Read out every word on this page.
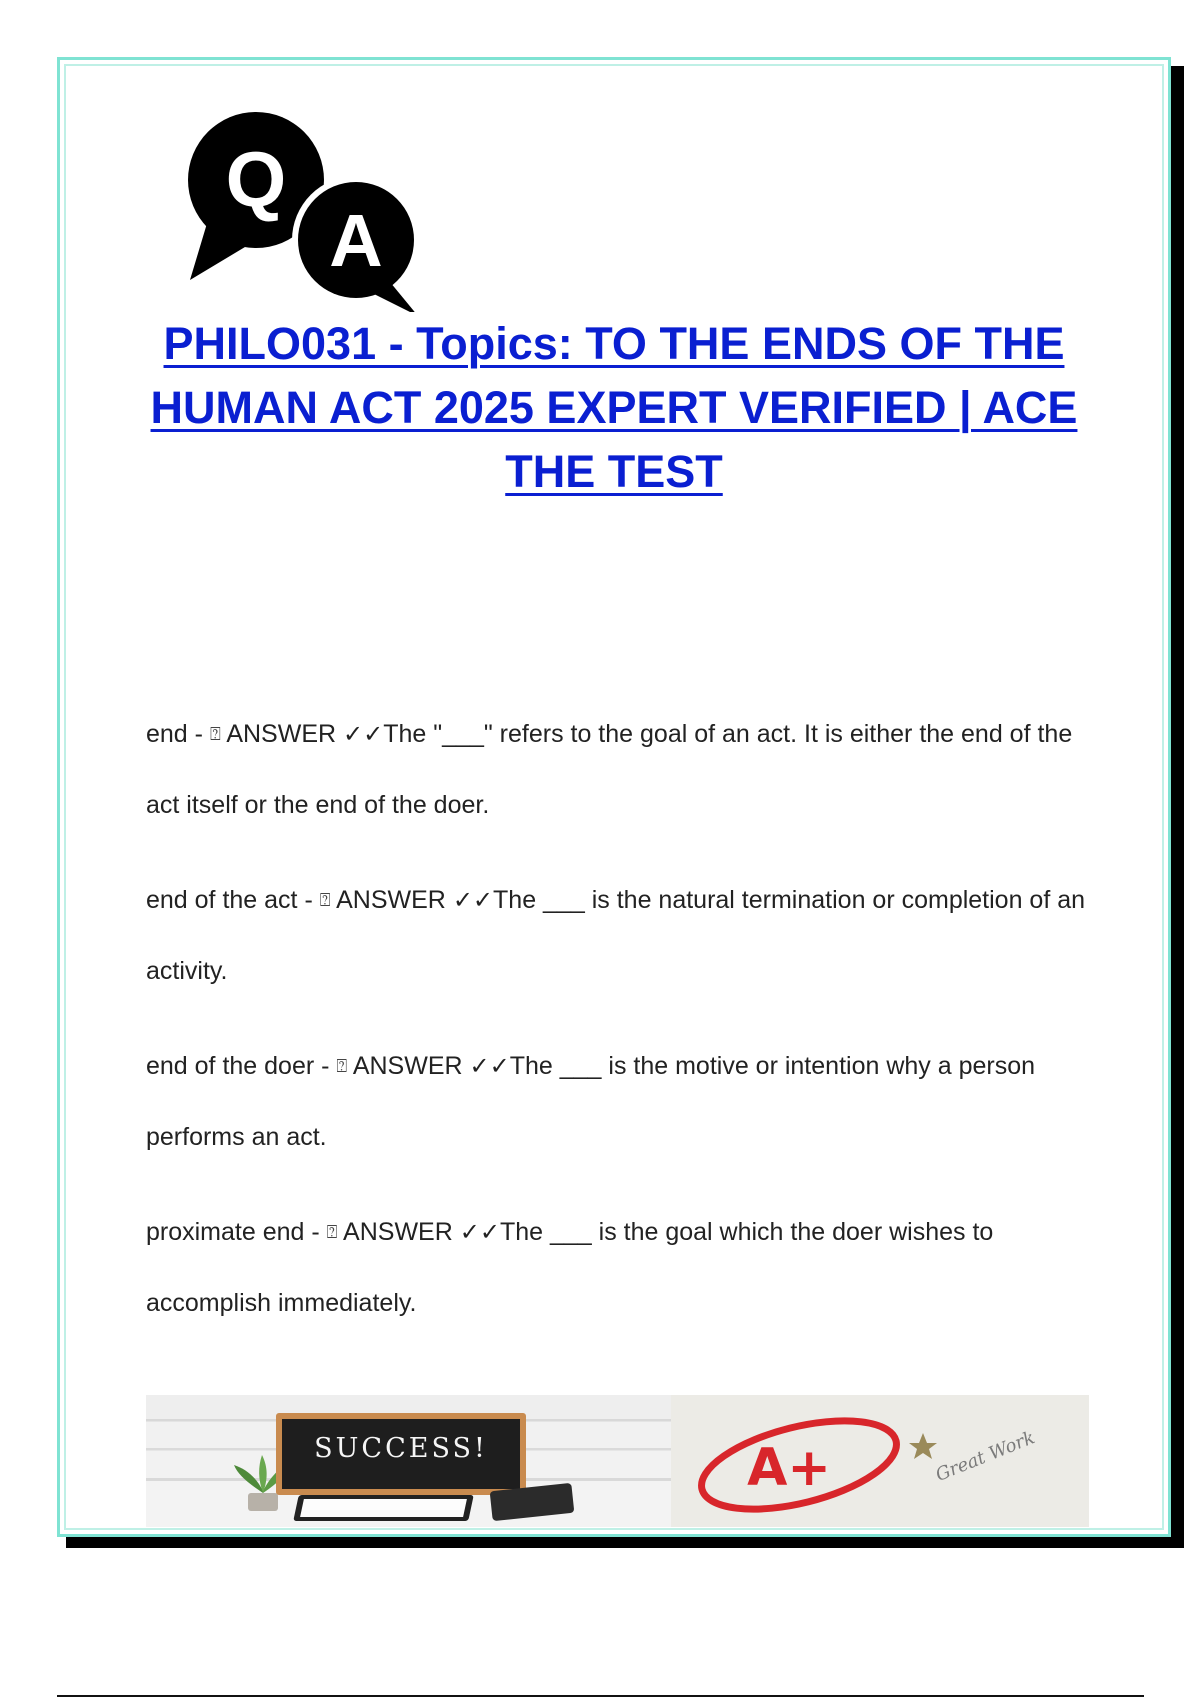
Q
A
PHILO031 - Topics: TO THE ENDS OF THE HUMAN ACT 2025 EXPERT VERIFIED | ACE THE TEST

end - ⍰ ANSWER ✓✓The "___" refers to the goal of an act. It is either the end of the act itself or the end of the doer.

end of the act - ⍰ ANSWER ✓✓The ___ is the natural termination or completion of an activity.

end of the doer - ⍰ ANSWER ✓✓The ___ is the motive or intention why a person performs an act.

proximate end - ⍰ ANSWER ✓✓The ___ is the goal which the doer wishes to accomplish immediately.

SUCCESS!	A+	Great Work
